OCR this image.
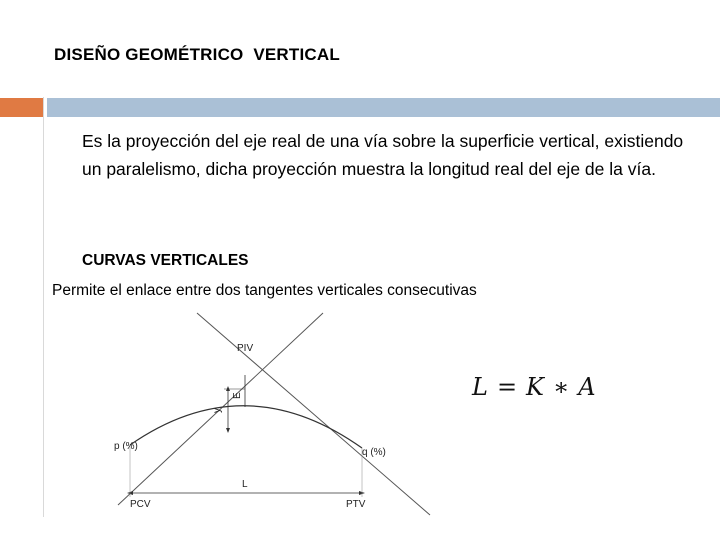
DISEÑO GEOMÉTRICO  VERTICAL
Es la proyección del eje real de una vía sobre la superficie vertical, existiendo un paralelismo, dicha proyección muestra la longitud real del eje de la vía.
CURVAS VERTICALES
Permite el enlace entre dos tangentes verticales consecutivas
PIV
y
E
p (%)
q (%)
L
PCV	PTV
L = K ∗ A
